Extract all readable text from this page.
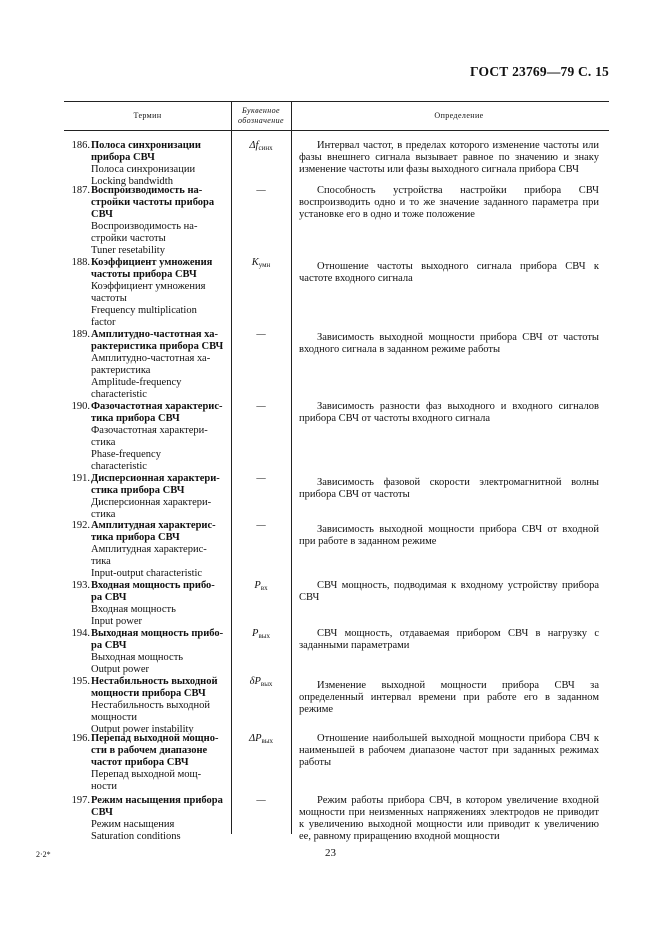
ГОСТ 23769—79 С. 15
Термин
Буквенное обозначение
Определение
186. Полоса синхронизации
прибора СВЧ
Полоса синхронизации
Locking bandwidth
$\Delta f_{синх}$	Интервал частот, в пределах которого изменение частоты или фазы внешнего сигнала вызывает равное по значению и знаку изменение частоты или фазы выходного сигнала прибора СВЧ
187. Воспроизводимость на-
стройки частоты прибора
СВЧ
Воспроизводимость на-
стройки частоты
Tuner resetability
—	Способность устройства настройки прибора СВЧ воспроизводить одно и то же значение заданного параметра при установке его в одно и тоже положение
188. Коэффициент умножения
частоты прибора СВЧ
Коэффициент умножения
частоты
Frequency multiplication
factor
$K_{умн}$	Отношение частоты выходного сигнала прибора СВЧ к частоте входного сигнала
189. Амплитудно-частотная ха-
рактеристика прибора СВЧ
Амплитудно-частотная ха-
рактеристика
Amplitude-frequency
characteristic
—	Зависимость выходной мощности прибора СВЧ от частоты входного сигнала в заданном режиме работы
190. Фазочастотная характерис-
тика прибора СВЧ
Фазочастотная характери-
стика
Phase-frequency
characteristic
—	Зависимость разности фаз выходного и входного сигналов прибора СВЧ от частоты входного сигнала
191. Дисперсионная характери-
стика прибора СВЧ
Дисперсионная характери-
стика
—	Зависимость фазовой скорости электромагнитной волны прибора СВЧ от частоты
192. Амплитудная характерис-
тика прибора СВЧ
Амплитудная характерис-
тика
Input-output characteristic
—	Зависимость выходной мощности прибора СВЧ от входной при работе в заданном режиме
193. Входная мощность прибо-
ра СВЧ
Входная мощность
Input power
$P_{вх}$	СВЧ мощность, подводимая к входному устройству прибора СВЧ
194. Выходная мощность прибо-
ра СВЧ
Выходная мощность
Output power
$P_{вых}$	СВЧ мощность, отдаваемая прибором СВЧ в нагрузку с заданными параметрами
195. Нестабильность выходной
мощности прибора СВЧ
Нестабильность выходной
мощности
Output power instability
$\delta P_{вых}$	Изменение выходной мощности прибора СВЧ за определенный интервал времени при работе его в заданном режиме
196. Перепад выходной мощно-
сти в рабочем диапазоне
частот прибора СВЧ
Перепад выходной мощ-
ности
$\Delta P_{вых}$	Отношение наибольшей выходной мощности прибора СВЧ к наименьшей в рабочем диапазоне частот при заданных режимах работы
197. Режим насыщения прибора
СВЧ
Режим насыщения
Saturation conditions
—	Режим работы прибора СВЧ, в котором увеличение входной мощности при неизменных напряжениях электродов не приводит к увеличению выходной мощности или приводит к увеличению ее, равному приращению входной мощности
2·2*	23
